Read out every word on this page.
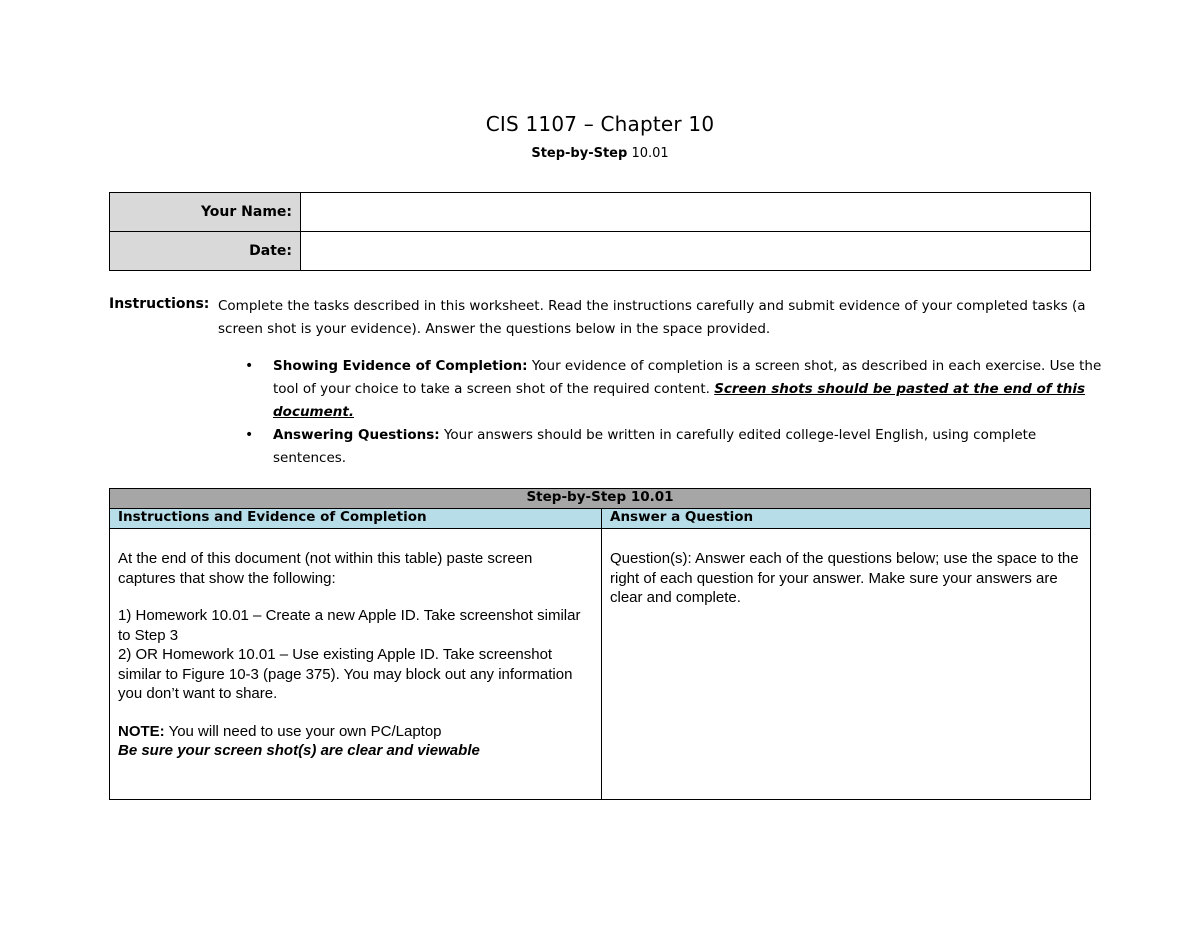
CIS 1107 – Chapter 10
Step-by-Step 10.01
Your Name:	
Date:	
Instructions: Complete the tasks described in this worksheet. Read the instructions carefully and submit evidence of your completed tasks (a screen shot is your evidence). Answer the questions below in the space provided.
• Showing Evidence of Completion: Your evidence of completion is a screen shot, as described in each exercise. Use the tool of your choice to take a screen shot of the required content. Screen shots should be pasted at the end of this document.
• Answering Questions: Your answers should be written in carefully edited college-level English, using complete sentences.
Step-by-Step 10.01	
Instructions and Evidence of Completion	Answer a Question

At the end of this document (not within this table) paste screen captures that show the following:

1) Homework 10.01 – Create a new Apple ID. Take screenshot similar to Step 3

2) OR Homework 10.01 – Use existing Apple ID. Take screenshot similar to Figure 10-3 (page 375). You may block out any information you don’t want to share.

NOTE: You will need to use your own PC/Laptop

Be sure your screen shot(s) are clear and viewable	Question(s): Answer each of the questions below; use the space to the right of each question for your answer. Make sure your answers are clear and complete.
